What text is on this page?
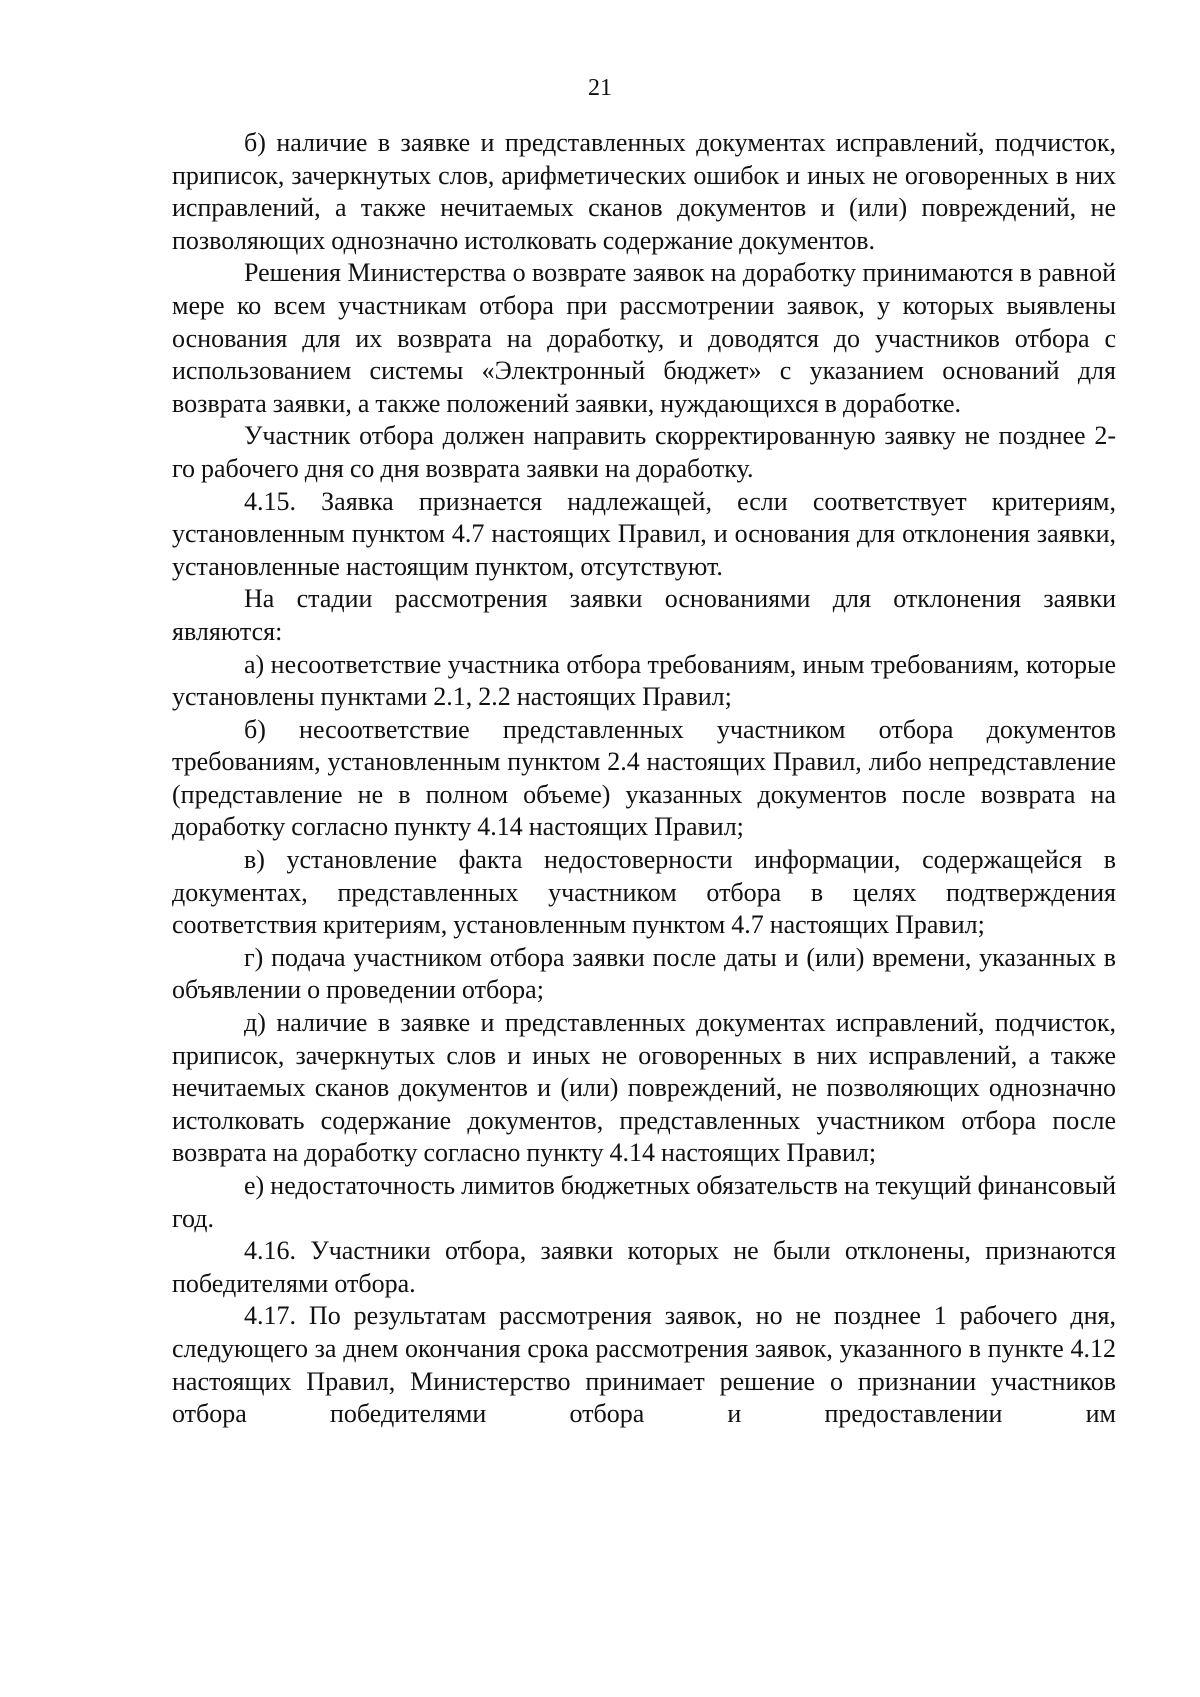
21

б) наличие в заявке и представленных документах исправлений, подчисток, приписок, зачеркнутых слов, арифметических ошибок и иных не оговоренных в них исправлений, а также нечитаемых сканов документов и (или) повреждений, не позволяющих однозначно истолковать содержание документов.

Решения Министерства о возврате заявок на доработку принимаются в равной мере ко всем участникам отбора при рассмотрении заявок, у которых выявлены основания для их возврата на доработку, и доводятся до участников отбора с использованием системы «Электронный бюджет» с указанием оснований для возврата заявки, а также положений заявки, нуждающихся в доработке.

Участник отбора должен направить скорректированную заявку не позднее 2-го рабочего дня со дня возврата заявки на доработку.

4.15. Заявка признается надлежащей, если соответствует критериям, установленным пунктом 4.7 настоящих Правил, и основания для отклонения заявки, установленные настоящим пунктом, отсутствуют.

На стадии рассмотрения заявки основаниями для отклонения заявки являются:

а) несоответствие участника отбора требованиям, иным требованиям, которые установлены пунктами 2.1, 2.2 настоящих Правил;

б) несоответствие представленных участником отбора документов требованиям, установленным пунктом 2.4 настоящих Правил, либо непредставление (представление не в полном объеме) указанных документов после возврата на доработку согласно пункту 4.14 настоящих Правил;

в) установление факта недостоверности информации, содержащейся в документах, представленных участником отбора в целях подтверждения соответствия критериям, установленным пунктом 4.7 настоящих Правил;

г) подача участником отбора заявки после даты и (или) времени, указанных в объявлении о проведении отбора;

д) наличие в заявке и представленных документах исправлений, подчисток, приписок, зачеркнутых слов и иных не оговоренных в них исправлений, а также нечитаемых сканов документов и (или) повреждений, не позволяющих однозначно истолковать содержание документов, представленных участником отбора после возврата на доработку согласно пункту 4.14 настоящих Правил;

е) недостаточность лимитов бюджетных обязательств на текущий финансовый год.

4.16. Участники отбора, заявки которых не были отклонены, признаются победителями отбора.

4.17. По результатам рассмотрения заявок, но не позднее 1 рабочего дня, следующего за днем окончания срока рассмотрения заявок, указанного в пункте 4.12 настоящих Правил, Министерство принимает решение о признании участников отбора победителями отбора и предоставлении им
